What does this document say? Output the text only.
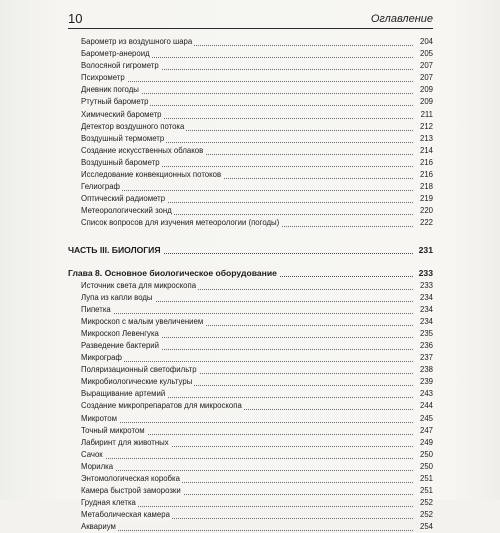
10	Оглавление
Барометр из воздушного шара	204
Барометр-анероид	205
Волосяной гигрометр	207
Психрометр	207
Дневник погоды	209
Ртутный барометр	209
Химический барометр	211
Детектор воздушного потока	212
Воздушный термометр	213
Создание искусственных облаков	214
Воздушный барометр	216
Исследование конвекционных потоков	216
Гелиограф	218
Оптический радиометр	219
Метеорологический зонд	220
Список вопросов для изучения метеорологии (погоды)	222
ЧАСТЬ III. БИОЛОГИЯ	231
Глава 8. Основное биологическое оборудование	233
Источник света для микроскопа	233
Лупа из капли воды	234
Пипетка	234
Микроскоп с малым увеличением	234
Микроскоп Левенгука	235
Разведение бактерий	236
Микрограф	237
Поляризационный светофильтр	238
Микробиологические культуры	239
Выращивание артемий	243
Создание микропрепаратов для микроскопа	244
Микротом	245
Точный микротом	247
Лабиринт для животных	249
Сачок	250
Морилка	250
Энтомологическая коробка	251
Камера быстрой заморозки	251
Грудная клетка	252
Метаболическая камера	252
Аквариум	254
